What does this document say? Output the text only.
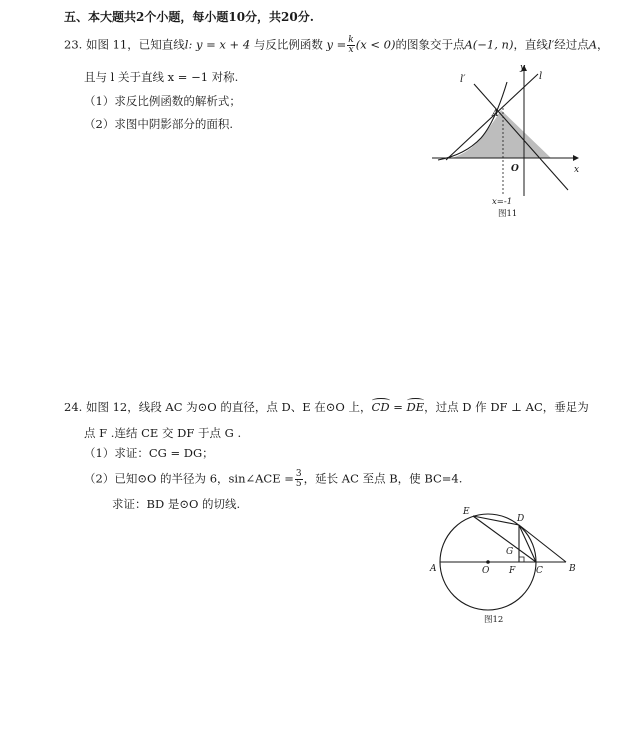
五、本大题共2个小题，每小题10分，共20分.
23. 如图 11，已知直线l: y = x + 4 与反比例函数 $y = \frac{k}{x} (x < 0)$的图象交于点A(−1, n)，直线l′经过点A，
且与 l 关于直线 x = −1 对称.
（1）求反比例函数的解析式；
（2）求图中阴影部分的面积.
l′	l
y
x
A
O
x=-1
图11
24. 如图 12，线段 AC 为⊙O 的直径，点 D、E 在⊙O 上，CD = DE，过点 D 作 DF ⊥ AC，垂足为
点 F .连结 CE 交 DF 于点 G .
（1）求证：CG = DG；
（2）已知⊙O 的半径为 6，sin∠ACE = $\frac{3}{5}$ ，延长 AC 至点 B，使 BC=4.
求证：BD 是⊙O 的切线.
E
D
G
A	O F C	B
图12
